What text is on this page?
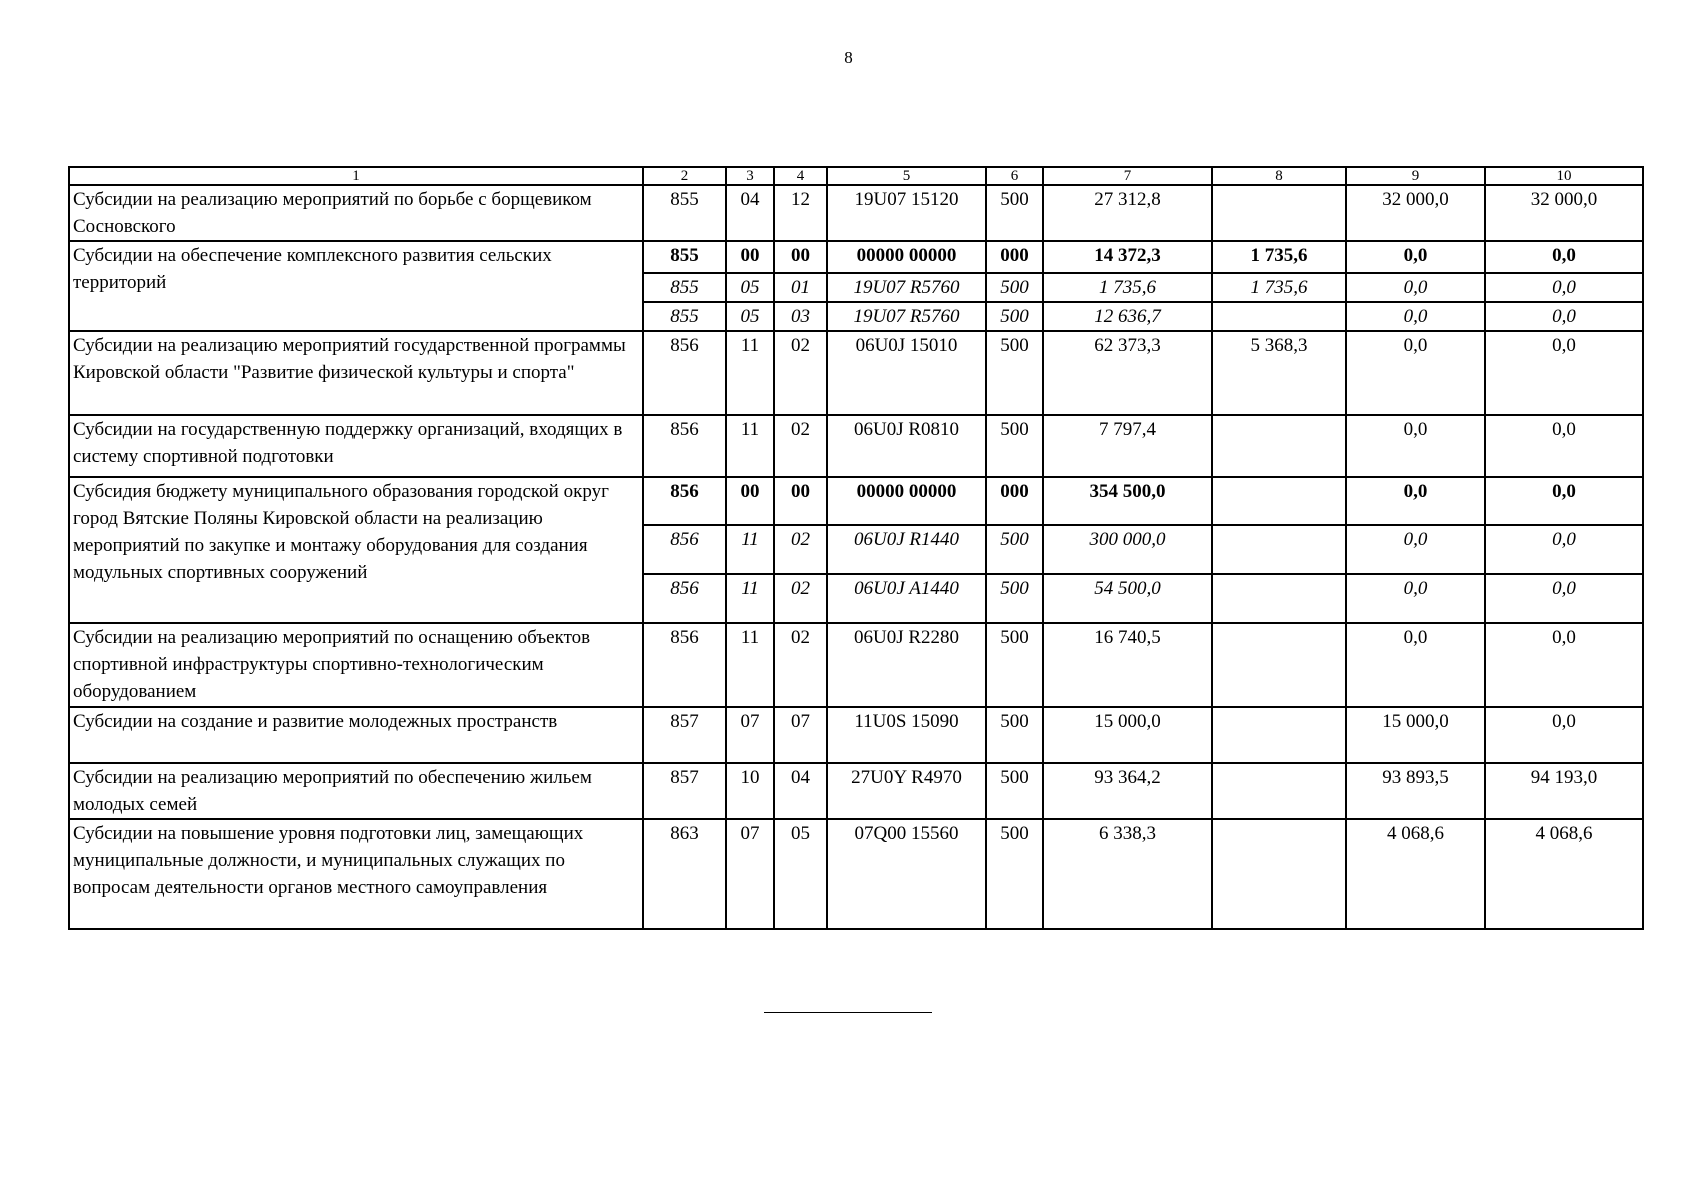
8
1	2	3	4	5	6	7	8	9	10
Субсидии на реализацию мероприятий по борьбе с борщевиком Сосновского	855	04	12	19U07 15120	500	27 312,8		32 000,0	32 000,0
Субсидии на обеспечение комплексного развития сельских территорий	855	00	00	00000 00000	000	14 372,3	1 735,6	0,0	0,0
	855	05	01	19U07 R5760	500	1 735,6	1 735,6	0,0	0,0
	855	05	03	19U07 R5760	500	12 636,7		0,0	0,0
Субсидии на реализацию мероприятий государственной программы Кировской области "Развитие физической культуры и спорта"	856	11	02	06U0J 15010	500	62 373,3	5 368,3	0,0	0,0
Субсидии на государственную поддержку организаций, входящих в систему спортивной подготовки	856	11	02	06U0J R0810	500	7 797,4		0,0	0,0
Субсидия бюджету муниципального образования городской округ город Вятские Поляны Кировской области на реализацию мероприятий по закупке и монтажу оборудования для создания модульных спортивных сооружений	856	00	00	00000 00000	000	354 500,0		0,0	0,0
	856	11	02	06U0J R1440	500	300 000,0		0,0	0,0
	856	11	02	06U0J A1440	500	54 500,0		0,0	0,0
Субсидии на реализацию мероприятий по оснащению объектов спортивной инфраструктуры спортивно-технологическим оборудованием	856	11	02	06U0J R2280	500	16 740,5		0,0	0,0
Субсидии на создание и развитие молодежных пространств	857	07	07	11U0S 15090	500	15 000,0		15 000,0	0,0
Субсидии на реализацию мероприятий по обеспечению жильем молодых семей	857	10	04	27U0Y R4970	500	93 364,2		93 893,5	94 193,0
Субсидии на повышение уровня подготовки лиц, замещающих муниципальные должности, и муниципальных служащих по вопросам деятельности органов местного самоуправления	863	07	05	07Q00 15560	500	6 338,3		4 068,6	4 068,6
